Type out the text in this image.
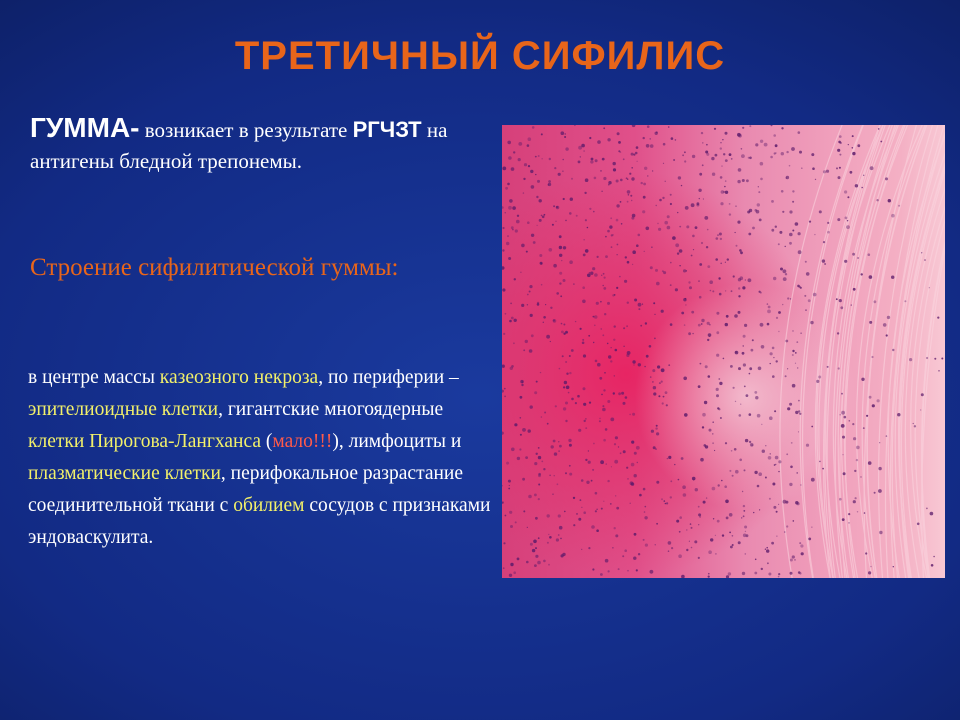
ТРЕТИЧНЫЙ СИФИЛИС
ГУММА- возникает в результате РГЧЗТ на антигены бледной трепонемы.
Строение сифилитической гуммы:
в центре массы казеозного некроза, по периферии – эпителиоидные клетки, гигантские многоядерные клетки Пирогова-Лангханса (мало!!!), лимфоциты и плазматические клетки, перифокальное разрастание соединительной ткани с обилием сосудов с признаками эндоваскулита.
